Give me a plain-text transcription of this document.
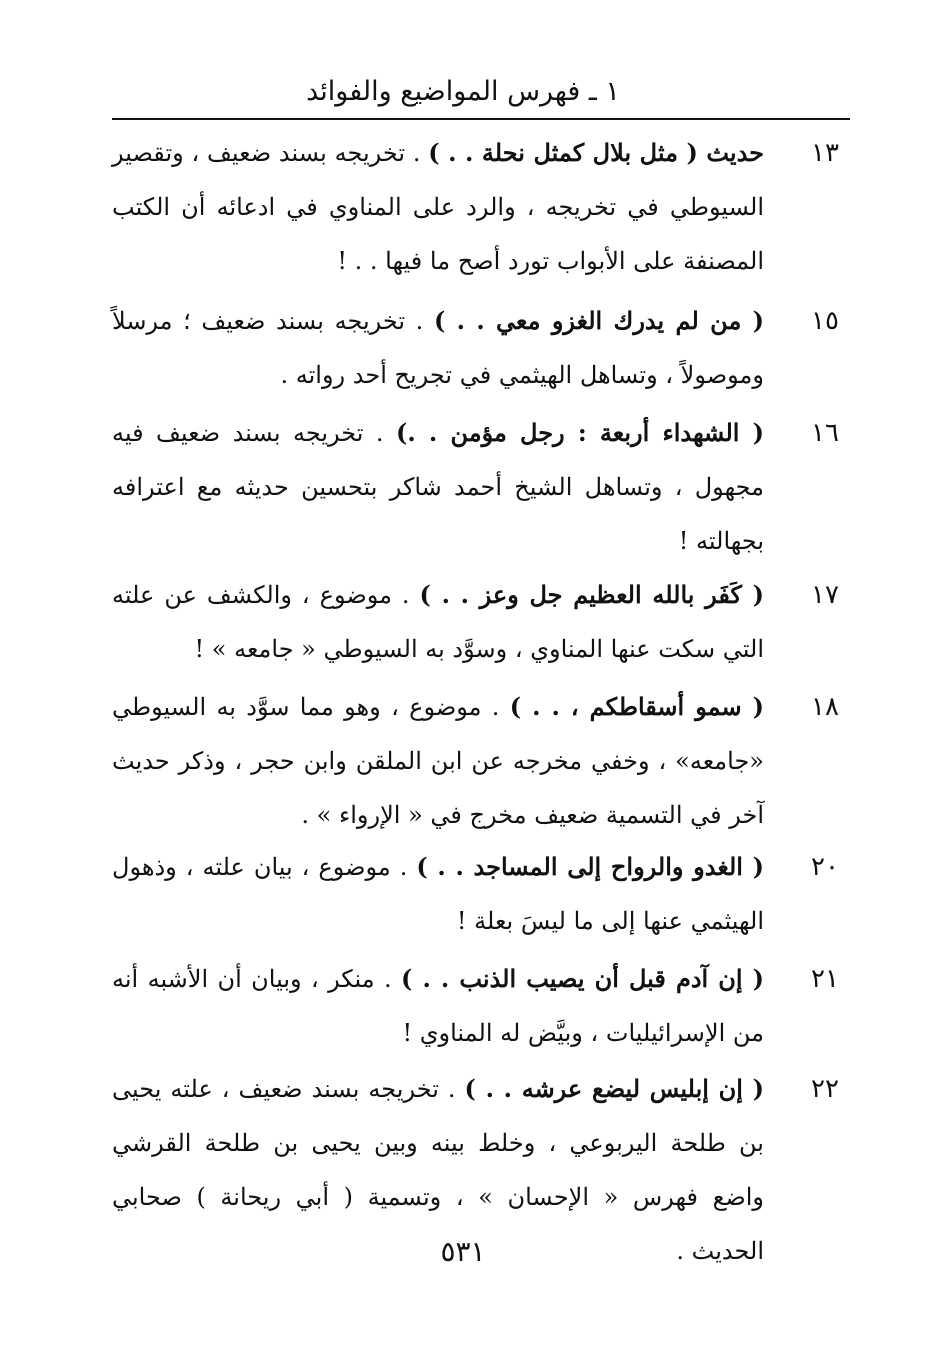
١ ـ فهرس المواضيع والفوائد
١٣
حديث ( مثل بلال كمثل نحلة . . ) . تخريجه بسند ضعيف ، وتقصير السيوطي في تخريجه ، والرد على المناوي في ادعائه أن الكتب المصنفة على الأبواب تورد أصح ما فيها . . !
١٥
( من لم يدرك الغزو معي . . ) . تخريجه بسند ضعيف ؛ مرسلاً وموصولاً ، وتساهل الهيثمي في تجريح أحد رواته .
١٦
( الشهداء أربعة : رجل مؤمن . .) . تخريجه بسند ضعيف فيه مجهول ، وتساهل الشيخ أحمد شاكر بتحسين حديثه مع اعترافه بجهالته !
١٧
( كَفَر بالله العظيم جل وعز . . ) . موضوع ، والكشف عن علته التي سكت عنها المناوي ، وسوَّد به السيوطي « جامعه » !
١٨
( سمو أسقاطكم ، . . ) . موضوع ، وهو مما سوَّد به السيوطي «جامعه» ، وخفي مخرجه عن ابن الملقن وابن حجر ، وذكر حديث آخر في التسمية ضعيف مخرج في « الإرواء » .
٢٠
( الغدو والرواح إلى المساجد . . ) . موضوع ، بيان علته ، وذهول الهيثمي عنها إلى ما ليسَ بعلة !
٢١
( إن آدم قبل أن يصيب الذنب . . ) . منكر ، وبيان أن الأشبه أنه من الإسرائيليات ، وبيَّض له المناوي !
٢٢
( إن إبليس ليضع عرشه . . ) . تخريجه بسند ضعيف ، علته يحيى بن طلحة اليربوعي ، وخلط بينه وبين يحيى بن طلحة القرشي واضع فهرس « الإحسان » ، وتسمية ( أبي ريحانة ) صحابي الحديث .
٥٣١
